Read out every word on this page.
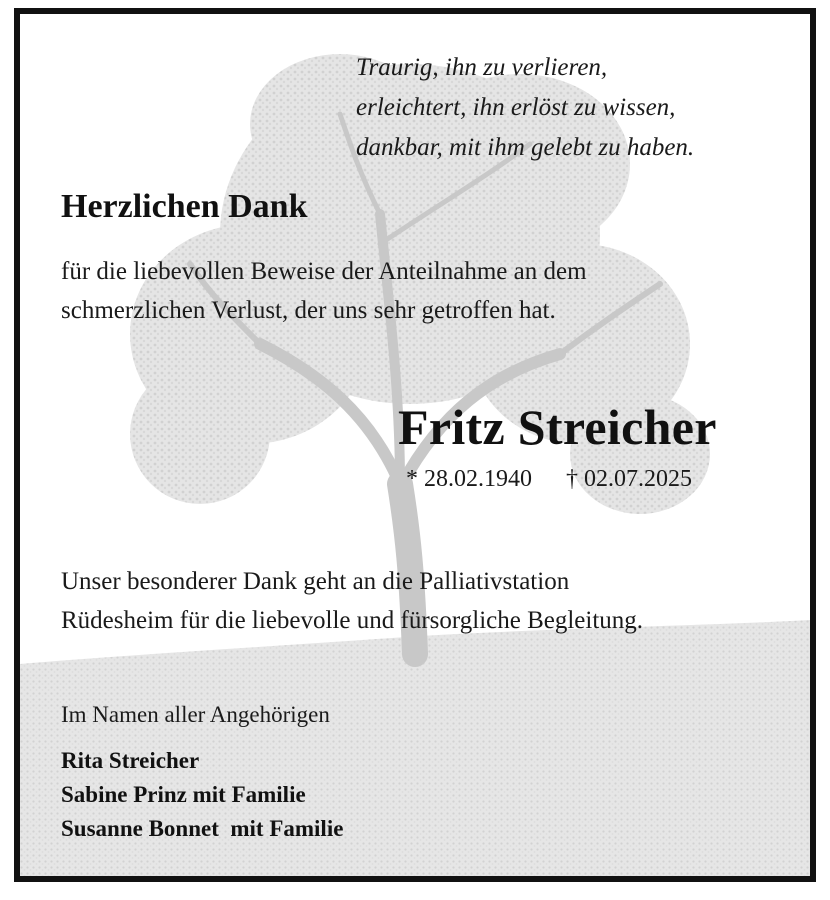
Traurig, ihn zu verlieren,
erleichtert, ihn erlöst zu wissen,
dankbar, mit ihm gelebt zu haben.
Herzlichen Dank
für die liebevollen Beweise der Anteilnahme an dem
schmerzlichen Verlust, der uns sehr getroffen hat.
Fritz Streicher
* 28.02.1940 † 02.07.2025
Unser besonderer Dank geht an die Palliativstation
Rüdesheim für die liebevolle und fürsorgliche Begleitung.
Im Namen aller Angehörigen
Rita Streicher
Sabine Prinz mit Familie
Susanne Bonnet  mit Familie
